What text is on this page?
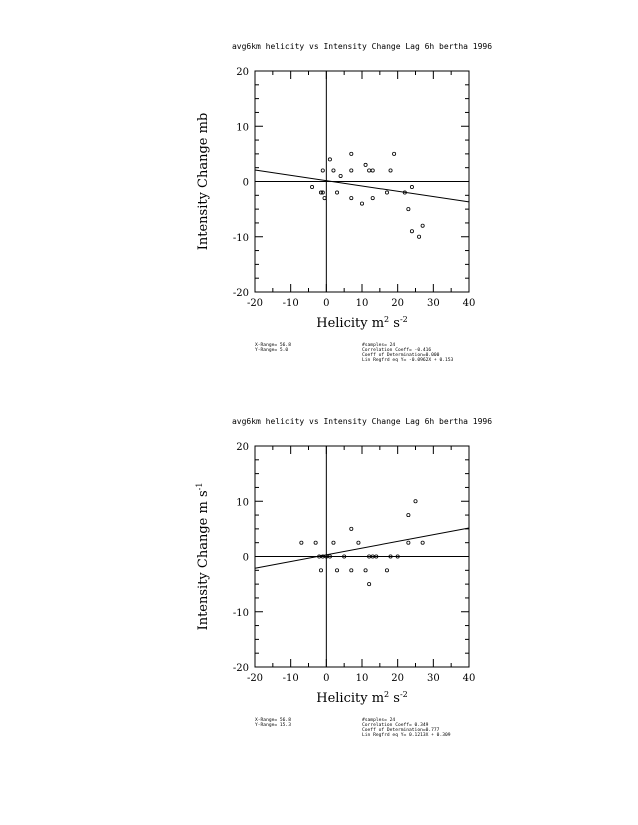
avg6km helicity vs Intensity Change Lag 6h bertha 1996
-20 -10 0	10 20 30 40
20
10
0
-10
-20
Helicity $m^2$ $s^{-2}$
Intensity Change mb
X-Range= 56.8
Y-Range= 5.0
#samples= 24
Correlation Coeff= -0.416
Coeff of Determination=0.000
Lin Regfrd eq Y= -0.0962X + 0.153
avg6km helicity vs Intensity Change Lag 6h bertha 1996
-20 -10 0	10 20 30 40
20
10
0
-10
-20
Helicity $m^2$ $s^{-2}$
Intensity Change m $s^{-1}$
X-Range= 56.8
Y-Range= 15.3
#samples= 24
Correlation Coeff= 0.349
Coeff of Determination=0.777
Lin Regfrd eq Y= 0.1213X + 0.309
